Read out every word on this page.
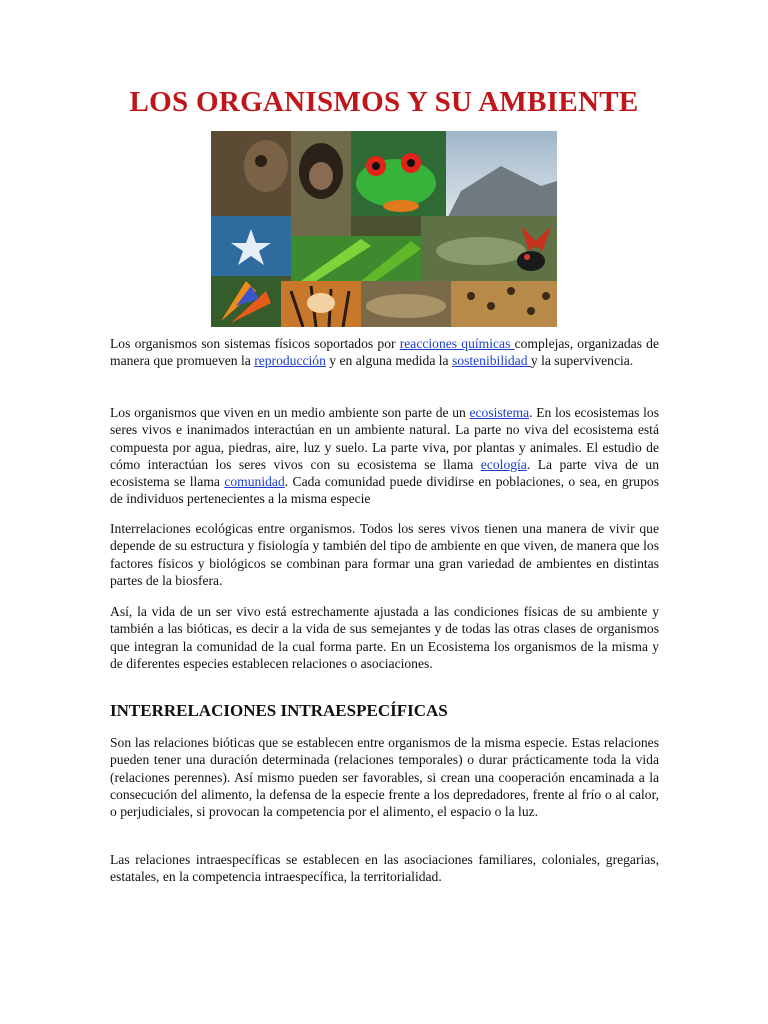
LOS ORGANISMOS Y SU AMBIENTE

Los organismos son sistemas físicos soportados por reacciones químicas complejas, organizadas de manera que promueven la reproducción y en alguna medida la sostenibilidad y la supervivencia.

Los organismos que viven en un medio ambiente son parte de un ecosistema. En los ecosistemas los seres vivos e inanimados interactúan en un ambiente natural. La parte no viva del ecosistema está compuesta por agua, piedras, aire, luz y suelo. La parte viva, por plantas y animales. El estudio de cómo interactúan los seres vivos con su ecosistema se llama ecología. La parte viva de un ecosistema se llama comunidad. Cada comunidad puede dividirse en poblaciones, o sea, en grupos de individuos pertenecientes a la misma especie

Interrelaciones ecológicas entre organismos. Todos los seres vivos tienen una manera de vivir que depende de su estructura y fisiología y también del tipo de ambiente en que viven, de manera que los factores físicos y biológicos se combinan para formar una gran variedad de ambientes en distintas partes de la biosfera.

Así, la vida de un ser vivo está estrechamente ajustada a las condiciones físicas de su ambiente y también a las bióticas, es decir a la vida de sus semejantes y de todas las otras clases de organismos que integran la comunidad de la cual forma parte. En un Ecosistema los organismos de la misma y de diferentes especies establecen relaciones o asociaciones.

INTERRELACIONES INTRAESPECÍFICAS

Son las relaciones bióticas que se establecen entre organismos de la misma especie. Estas relaciones pueden tener una duración determinada (relaciones temporales) o durar prácticamente toda la vida (relaciones perennes). Así mismo pueden ser favorables, si crean una cooperación encaminada a la consecución del alimento, la defensa de la especie frente a los depredadores, frente al frío o al calor, o perjudiciales, si provocan la competencia por el alimento, el espacio o la luz.

Las relaciones intraespecíficas se establecen en las asociaciones familiares, coloniales, gregarias, estatales, en la competencia intraespecífica, la territorialidad.
